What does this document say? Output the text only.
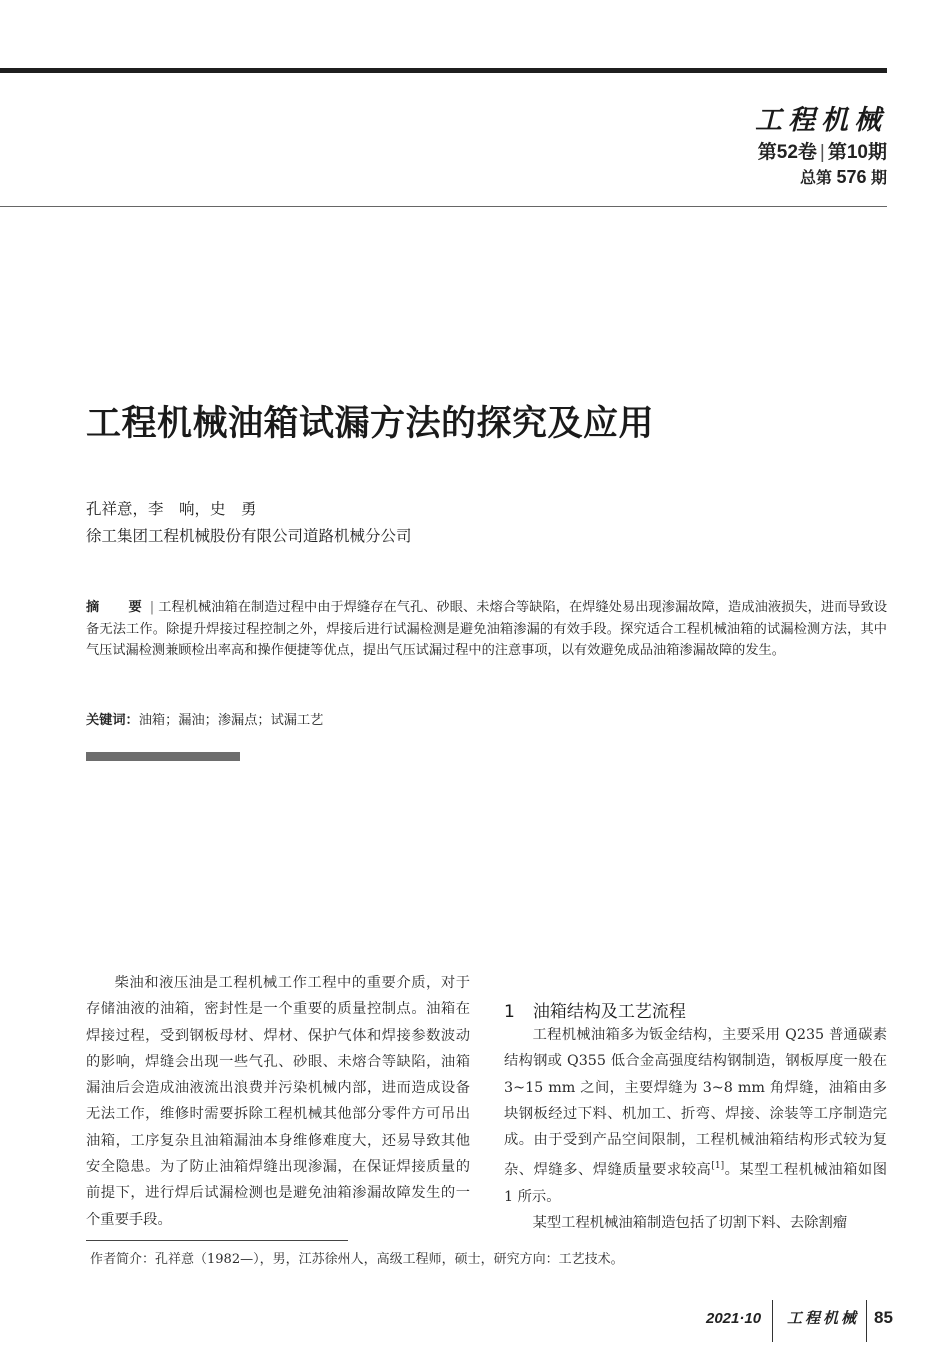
工程机械
第52卷 | 第10期
总第 576 期
工程机械油箱试漏方法的探究及应用
孔祥意，李　响，史　勇
徐工集团工程机械股份有限公司道路机械分公司
摘　要| 工程机械油箱在制造过程中由于焊缝存在气孔、砂眼、未熔合等缺陷，在焊缝处易出现渗漏故障，造成油液损失，进而导致设备无法工作。除提升焊接过程控制之外，焊接后进行试漏检测是避免油箱渗漏的有效手段。探究适合工程机械油箱的试漏检测方法，其中气压试漏检测兼顾检出率高和操作便捷等优点，提出气压试漏过程中的注意事项，以有效避免成品油箱渗漏故障的发生。
关键词：油箱；漏油；渗漏点；试漏工艺

柴油和液压油是工程机械工作工程中的重要介质，对于存储油液的油箱，密封性是一个重要的质量控制点。油箱在焊接过程，受到钢板母材、焊材、保护气体和焊接参数波动的影响，焊缝会出现一些气孔、砂眼、未熔合等缺陷，油箱漏油后会造成油液流出浪费并污染机械内部，进而造成设备无法工作，维修时需要拆除工程机械其他部分零件方可吊出油箱，工序复杂且油箱漏油本身维修难度大，还易导致其他安全隐患。为了防止油箱焊缝出现渗漏，在保证焊接质量的前提下，进行焊后试漏检测也是避免油箱渗漏故障发生的一个重要手段。

1 油箱结构及工艺流程

工程机械油箱多为钣金结构，主要采用 Q235 普通碳素结构钢或 Q355 低合金高强度结构钢制造，钢板厚度一般在 3~15 mm 之间，主要焊缝为 3~8 mm 角焊缝，油箱由多块钢板经过下料、机加工、折弯、焊接、涂装等工序制造完成。由于受到产品空间限制，工程机械油箱结构形式较为复杂、焊缝多、焊缝质量要求较高[1]。某型工程机械油箱如图 1 所示。

某型工程机械油箱制造包括了切割下料、去除割瘤

作者简介：孔祥意（1982—），男，江苏徐州人，高级工程师，硕士，研究方向：工艺技术。
2021·10 工程机械 85
